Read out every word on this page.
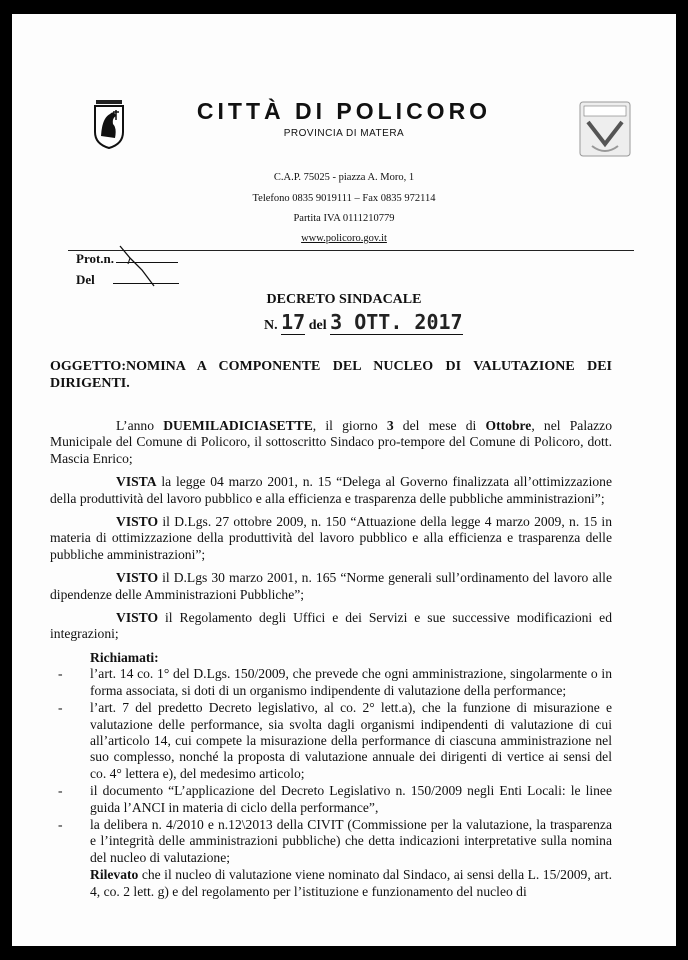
CITTÀ DI POLICORO
PROVINCIA DI MATERA
C.A.P. 75025 - piazza A. Moro, 1
Telefono 0835 9019111 – Fax 0835 972114
Partita IVA 0111210779
www.policoro.gov.it
Prot.n.
Del
DECRETO SINDACALE
N. 17 del 3 OTT. 2017
OGGETTO:NOMINA A COMPONENTE DEL NUCLEO DI VALUTAZIONE DEI DIRIGENTI.

L’anno DUEMILADICIASETTE, il giorno 3 del mese di Ottobre, nel Palazzo Municipale del Comune di Policoro, il sottoscritto Sindaco pro-tempore del Comune di Policoro, dott. Mascia Enrico;

VISTA la legge 04 marzo 2001, n. 15 “Delega al Governo finalizzata all’ottimizzazione della produttività del lavoro pubblico e alla efficienza e trasparenza delle pubbliche amministrazioni”;

VISTO il D.Lgs. 27 ottobre 2009, n. 150 “Attuazione della legge 4 marzo 2009, n. 15 in materia di ottimizzazione della produttività del lavoro pubblico e alla efficienza e trasparenza delle pubbliche amministrazioni”;

VISTO il D.Lgs 30 marzo 2001, n. 165 “Norme generali sull’ordinamento del lavoro alle dipendenze delle Amministrazioni Pubbliche”;

VISTO il Regolamento degli Uffici e dei Servizi e sue successive modificazioni ed integrazioni;

Richiamati:
- l’art. 14 co. 1° del D.Lgs. 150/2009, che prevede che ogni amministrazione, singolarmente o in forma associata, si doti di un organismo indipendente di valutazione della performance;
- l’art. 7 del predetto Decreto legislativo, al co. 2° lett.a), che la funzione di misurazione e valutazione delle performance, sia svolta dagli organismi indipendenti di valutazione di cui all’articolo 14, cui compete la misurazione della performance di ciascuna amministrazione nel suo complesso, nonché la proposta di valutazione annuale dei dirigenti di vertice ai sensi del co. 4° lettera e), del medesimo articolo;
- il documento “L’applicazione del Decreto Legislativo n. 150/2009 negli Enti Locali: le linee guida l’ANCI in materia di ciclo della performance”,
- la delibera n. 4/2010 e n.12\2013 della CIVIT (Commissione per la valutazione, la trasparenza e l’integrità delle amministrazioni pubbliche) che detta indicazioni interpretative sulla nomina del nucleo di valutazione;

Rilevato che il nucleo di valutazione viene nominato dal Sindaco, ai sensi della L. 15/2009, art. 4, co. 2 lett. g) e del regolamento per l’istituzione e funzionamento del nucleo di
